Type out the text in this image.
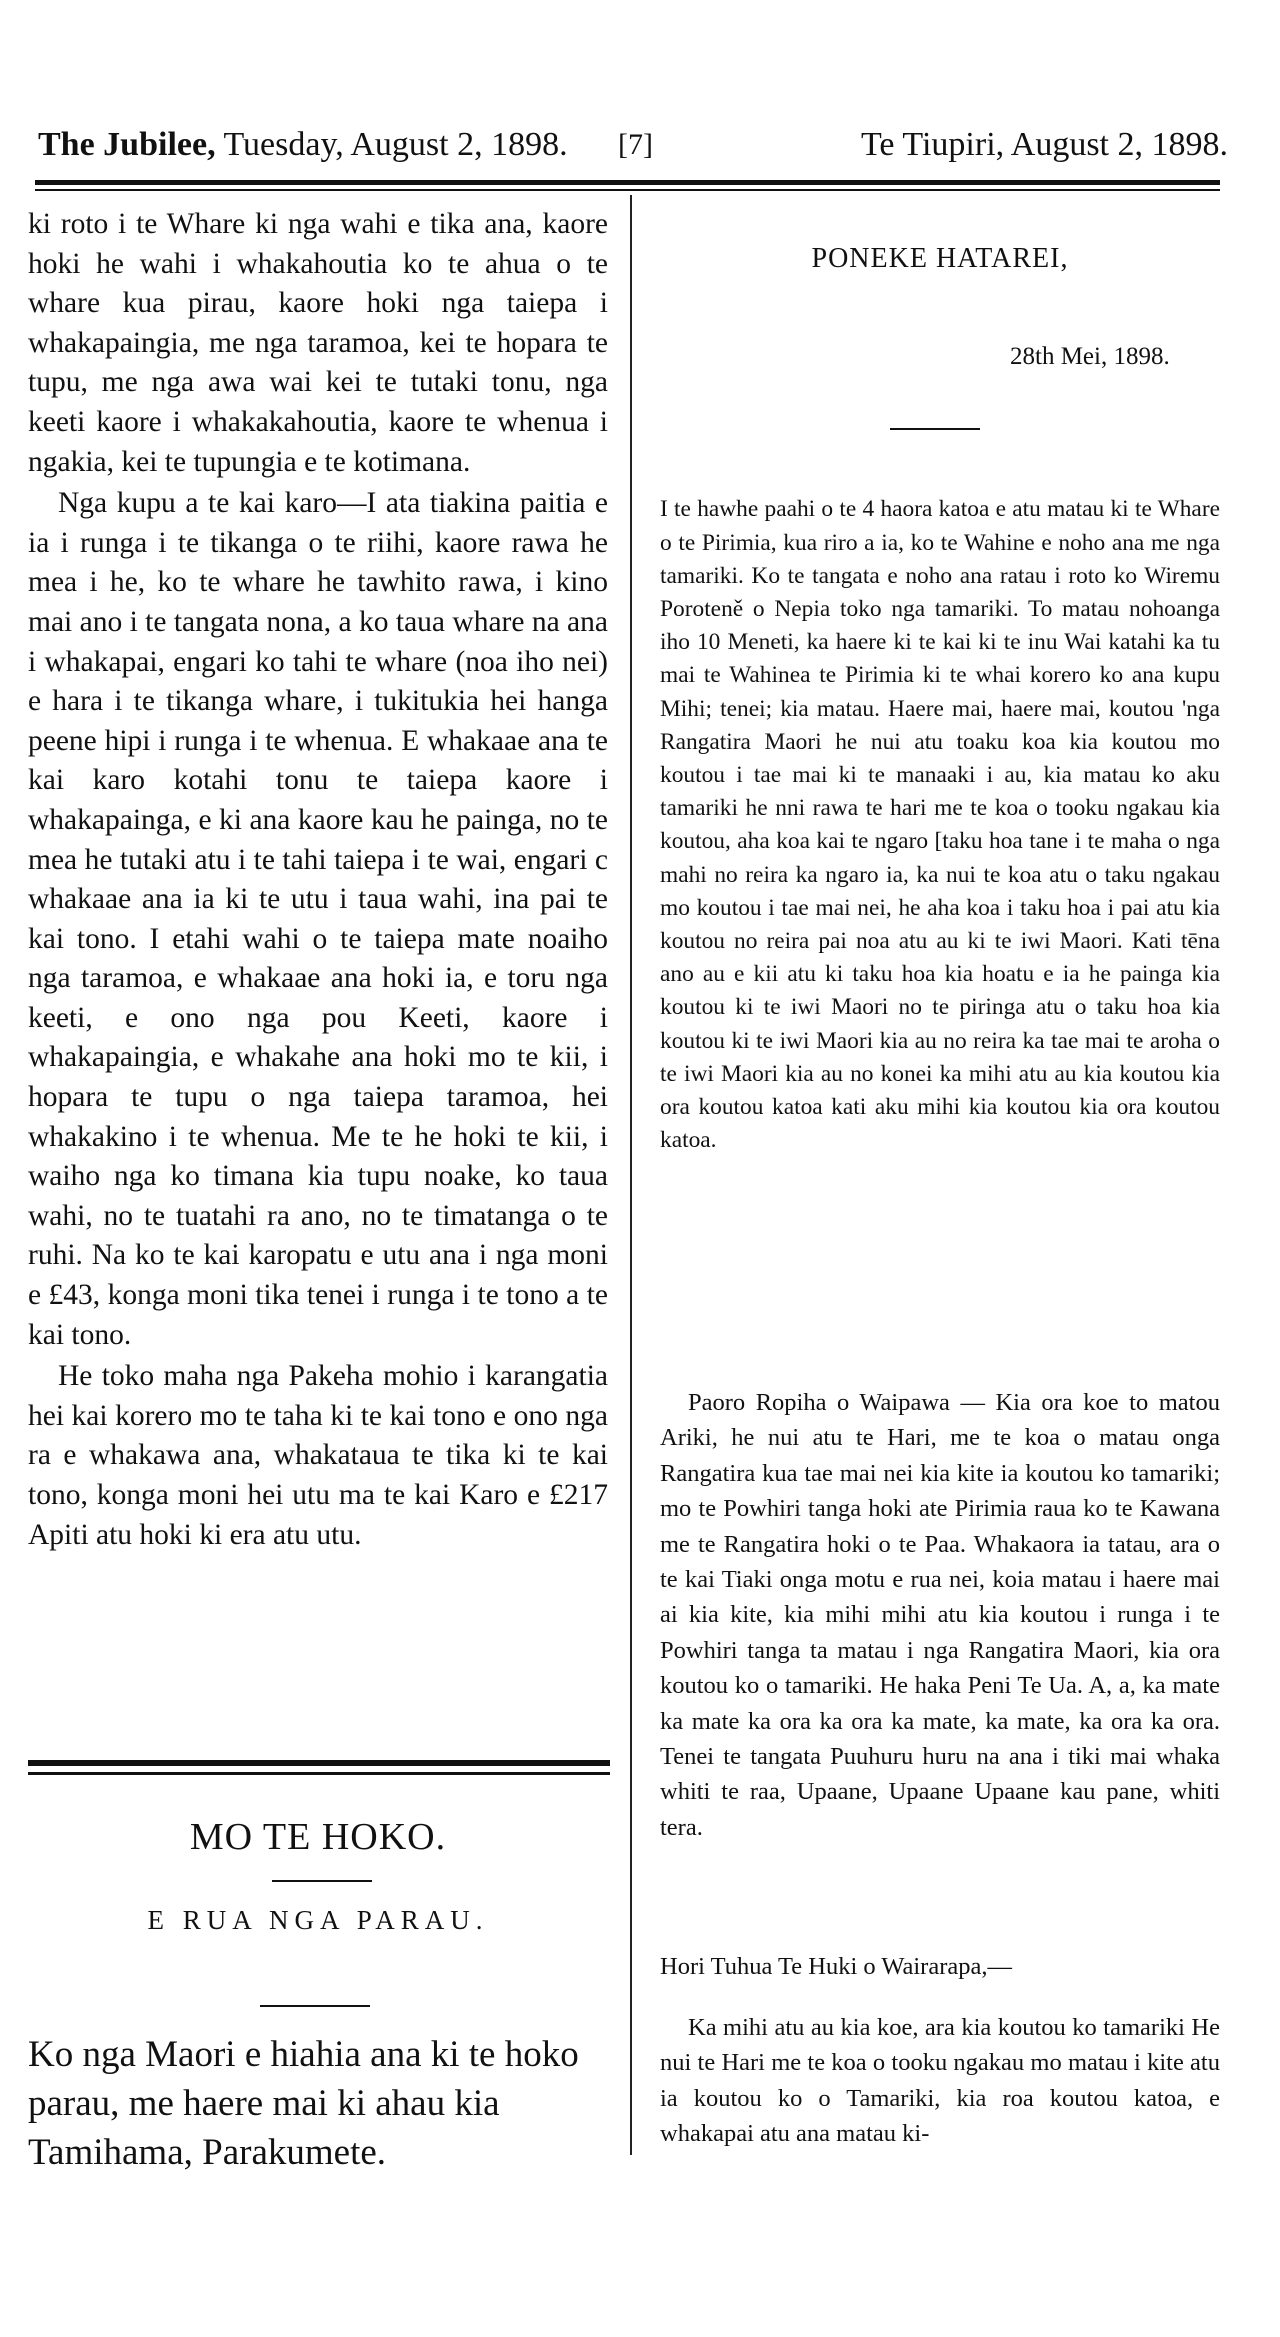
The Jubilee, Tuesday, August 2, 1898. [7]	Te Tiupiri, August 2, 1898.

ki roto i te Whare ki nga wahi e tika ana, kaore hoki he wahi i whakahoutia ko te ahua o te whare kua pirau, kaore hoki nga taiepa i whakapaingia, me nga taramoa, kei te hopara te tupu, me nga awa wai kei te tutaki tonu, nga keeti kaore i whakakahoutia, kaore te whenua i ngakia, kei te tupungia e te kotimana.

Nga kupu a te kai karo—I ata tiakina paitia e ia i runga i te tikanga o te riihi, kaore rawa he mea i he, ko te whare he tawhito rawa, i kino mai ano i te tangata nona, a ko taua whare na ana i whakapai, engari ko tahi te whare (noa iho nei) e hara i te tikanga whare, i tukitukia hei hanga peene hipi i runga i te whenua. E whakaae ana te kai karo kotahi tonu te taiepa kaore i whakapainga, e ki ana kaore kau he painga, no te mea he tutaki atu i te tahi taiepa i te wai, engari c whakaae ana ia ki te utu i taua wahi, ina pai te kai tono. I etahi wahi o te taiepa mate noaiho nga taramoa, e whakaae ana hoki ia, e toru nga keeti, e ono nga pou Keeti, kaore i whakapaingia, e whakahe ana hoki mo te kii, i hopara te tupu o nga taiepa taramoa, hei whakakino i te whenua. Me te he hoki te kii, i waiho nga ko timana kia tupu noake, ko taua wahi, no te tuatahi ra ano, no te timatanga o te ruhi. Na ko te kai karopatu e utu ana i nga moni e £43, konga moni tika tenei i runga i te tono a te kai tono.

He toko maha nga Pakeha mohio i karangatia hei kai korero mo te taha ki te kai tono e ono nga ra e whakawa ana, whakataua te tika ki te kai tono, konga moni hei utu ma te kai Karo e £217 Apiti atu hoki ki era atu utu.

MO TE HOKO.
E RUA NGA PARAU.
Ko nga Maori e hiahia ana ki te hoko parau, me haere mai ki ahau kia Tamihama, Parakumete.
PONEKE HATAREI,
28th Mei, 1898.

I te hawhe paahi o te 4 haora katoa e atu matau ki te Whare o te Pirimia, kua riro a ia, ko te Wahine e noho ana me nga tamariki. Ko te tangata e noho ana ratau i roto ko Wiremu Poroteně o Nepia toko nga tamariki. To matau nohoanga iho 10 Meneti, ka haere ki te kai ki te inu Wai katahi ka tu mai te Wahinea te Pirimia ki te whai korero ko ana kupu Mihi; tenei; kia matau. Haere mai, haere mai, koutou 'nga Rangatira Maori he nui atu toaku koa kia koutou mo koutou i tae mai ki te manaaki i au, kia matau ko aku tamariki he nni rawa te hari me te koa o tooku ngakau kia koutou, aha koa kai te ngaro [taku hoa tane i te maha o nga mahi no reira ka ngaro ia, ka nui te koa atu o taku ngakau mo koutou i tae mai nei, he aha koa i taku hoa i pai atu kia koutou no reira pai noa atu au ki te iwi Maori. Kati tēna ano au e kii atu ki taku hoa kia hoatu e ia he painga kia koutou ki te iwi Maori no te piringa atu o taku hoa kia koutou ki te iwi Maori kia au no reira ka tae mai te aroha o te iwi Maori kia au no konei ka mihi atu au kia koutou kia ora koutou katoa kati aku mihi kia koutou kia ora koutou katoa.

Paoro Ropiha o Waipawa — Kia ora koe to matou Ariki, he nui atu te Hari, me te koa o matau onga Rangatira kua tae mai nei kia kite ia koutou ko tamariki; mo te Powhiri tanga hoki ate Pirimia raua ko te Kawana me te Rangatira hoki o te Paa. Whakaora ia tatau, ara o te kai Tiaki onga motu e rua nei, koia matau i haere mai ai kia kite, kia mihi mihi atu kia koutou i runga i te Powhiri tanga ta matau i nga Rangatira Maori, kia ora koutou ko o tamariki. He haka Peni Te Ua. A, a, ka mate ka mate ka ora ka ora ka mate, ka mate, ka ora ka ora. Tenei te tangata Puuhuru huru na ana i tiki mai whaka whiti te raa, Upaane, Upaane Upaane kau pane, whiti tera.

Hori Tuhua Te Huki o Wairarapa,—

Ka mihi atu au kia koe, ara kia koutou ko tamariki He nui te Hari me te koa o tooku ngakau mo matau i kite atu ia koutou ko o Tamariki, kia roa koutou katoa, e whakapai atu ana matau ki-
